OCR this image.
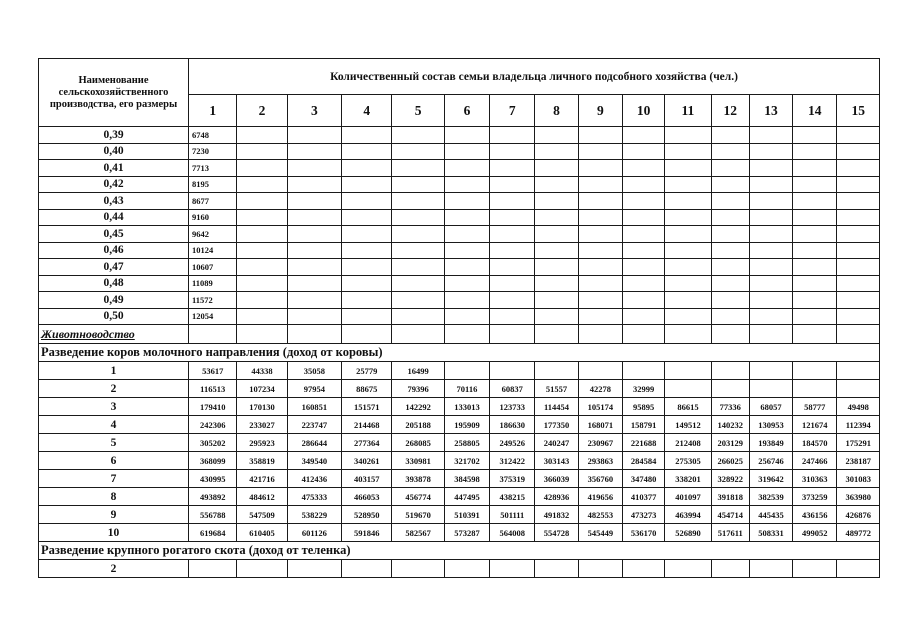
Наименование сельскохозяйственного производства, его размеры	Количественный состав семьи владельца личного подсобного хозяйства (чел.)														
	1	2	3	4	5	6	7	8	9	10	11	12	13	14	15
0,39	6748														
0,40	7230														
0,41	7713														
0,42	8195														
0,43	8677														
0,44	9160														
0,45	9642														
0,46	10124														
0,47	10607														
0,48	11089														
0,49	11572														
0,50	12054														
Животноводство															
Разведение коров молочного направления (доход от коровы)															
1	53617	44338	35058	25779	16499										
2	116513	107234	97954	88675	79396	70116	60837	51557	42278	32999					
3	179410	170130	160851	151571	142292	133013	123733	114454	105174	95895	86615	77336	68057	58777	49498
4	242306	233027	223747	214468	205188	195909	186630	177350	168071	158791	149512	140232	130953	121674	112394
5	305202	295923	286644	277364	268085	258805	249526	240247	230967	221688	212408	203129	193849	184570	175291
6	368099	358819	349540	340261	330981	321702	312422	303143	293863	284584	275305	266025	256746	247466	238187
7	430995	421716	412436	403157	393878	384598	375319	366039	356760	347480	338201	328922	319642	310363	301083
8	493892	484612	475333	466053	456774	447495	438215	428936	419656	410377	401097	391818	382539	373259	363980
9	556788	547509	538229	528950	519670	510391	501111	491832	482553	473273	463994	454714	445435	436156	426876
10	619684	610405	601126	591846	582567	573287	564008	554728	545449	536170	526890	517611	508331	499052	489772
Разведение крупного рогатого скота (доход от теленка)															
2															
